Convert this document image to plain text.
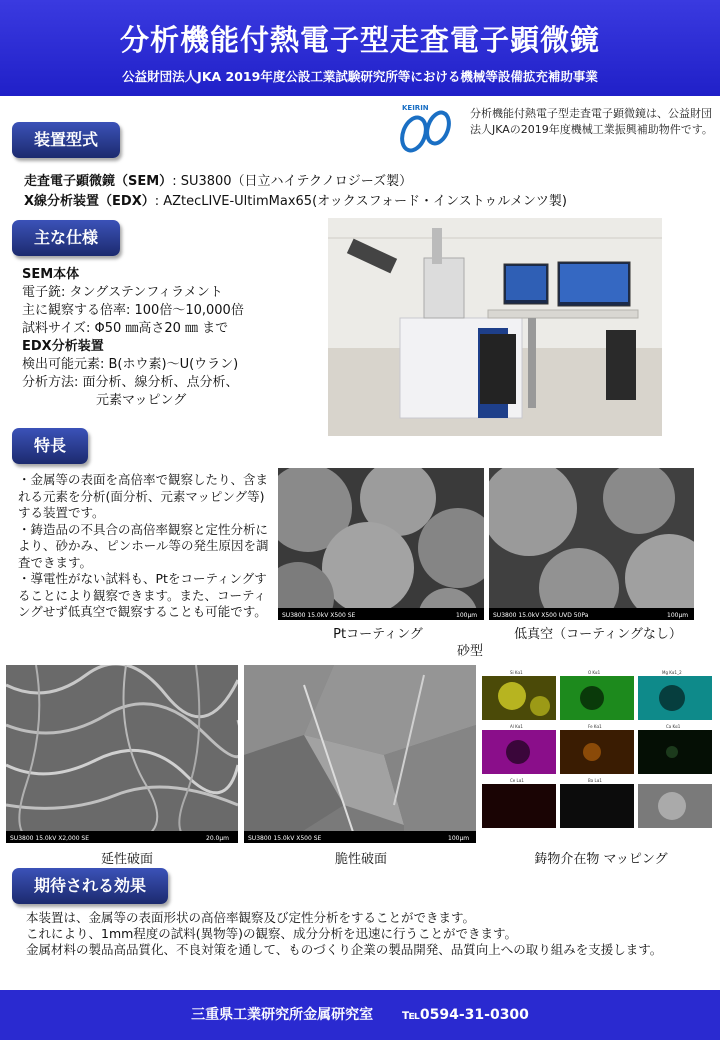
分析機能付熱電子型走査電子顕微鏡
公益財団法人JKA 2019年度公設工業試験研究所等における機械等設備拡充補助事業
装置型式
KEIRIN	分析機能付熱電子型走査電子顕微鏡は、公益財団法人JKAの2019年度機械工業振興補助物件です。
走査電子顕微鏡（SEM）: SU3800（日立ハイテクノロジーズ製）
X線分析装置（EDX）: AZtecLIVE-UltimMax65(オックスフォード・インストゥルメンツ製)
主な仕様
SEM本体
電子銃: タングステンフィラメント
主に観察する倍率: 100倍〜10,000倍
試料サイズ: Φ50 ㎜高さ20 ㎜ まで
EDX分析装置
検出可能元素: B(ホウ素)〜U(ウラン)
分析方法: 面分析、線分析、点分析、
元素マッピング
特長
・金属等の表面を高倍率で観察したり、含まれる元素を分析(面分析、元素マッピング等)する装置です。
・鋳造品の不具合の高倍率観察と定性分析により、砂かみ、ピンホール等の発生原因を調査できます。
・導電性がない試料も、Ptをコーティングすることにより観察できます。また、コーティングせず低真空で観察することも可能です。	SU3800 15.0kV X500 SE	100μm	SU3800 15.0kV X500 UVD 50Pa	100μm
Ptコーティング	低真空（コーティングなし）
砂型
SU3800 15.0kV X2,000 SE	20.0μm	SU3800 15.0kV X500 SE	100μm
Si Kα1	O Kα1	Mg Kα1_2
Al Kα1	Fe Kα1	Ca Kα1
Ce Lα1	Ba Lα1
延性破面	脆性破面	鋳物介在物 マッピング
期待される効果
本装置は、金属等の表面形状の高倍率観察及び定性分析をすることができます。
これにより、1mm程度の試料(異物等)の観察、成分分析を迅速に行うことができます。
金属材料の製品高品質化、不良対策を通して、ものづくり企業の製品開発、品質向上への取り組みを支援します。
三重県工業研究所金属研究室 ℡0594-31-0300
